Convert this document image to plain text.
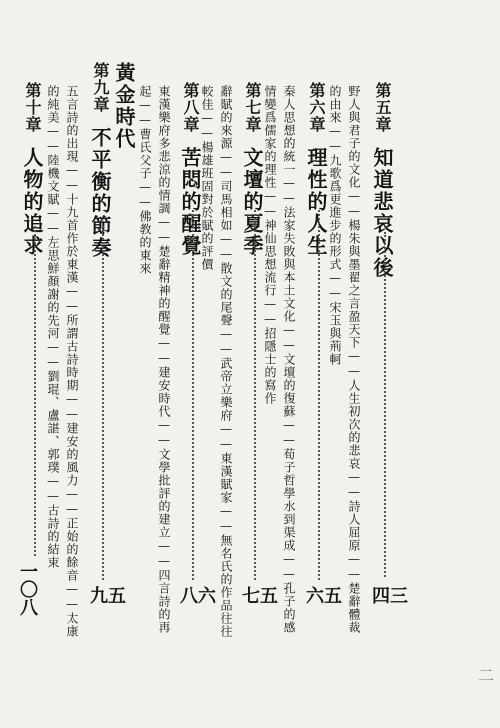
第五章知道悲哀以後
四三
野人與君子的文化——楊朱與墨翟之言盈天下——人生初次的悲哀——詩人屈原——楚辭體裁
的由來——九歌爲更進步的形式——宋玉與荊軻
第六章理性的人生
六五
秦人思想的統一——法家失敗與本土文化——文壇的復蘇——荀子哲學水到渠成——孔子的感
情變爲儒家的理性——神仙思想流行——招隱士的寫作
第七章文壇的夏季
七五
辭賦的來源——司馬相如——散文的尾聲——武帝立樂府——東漢賦家——無名氏的作品往往
較佳——楊雄班固對於賦的評價
第八章苦悶的醒覺
八六
東漢樂府多悲涼的情調——楚辭精神的醒覺——建安時代——文學批評的建立——四言詩的再
起——曹氏父子——佛教的東來
黃金時代
第九章不平衡的節奏
九五
五言詩的出現——十九首作於東漢——所謂古詩時期——建安的風力——正始的餘音——太康
的純美——陸機文賦——左思鮮顏謝的先河——劉琨、盧諶、郭璞——古詩的結束
第十章人物的追求
一〇八
二
